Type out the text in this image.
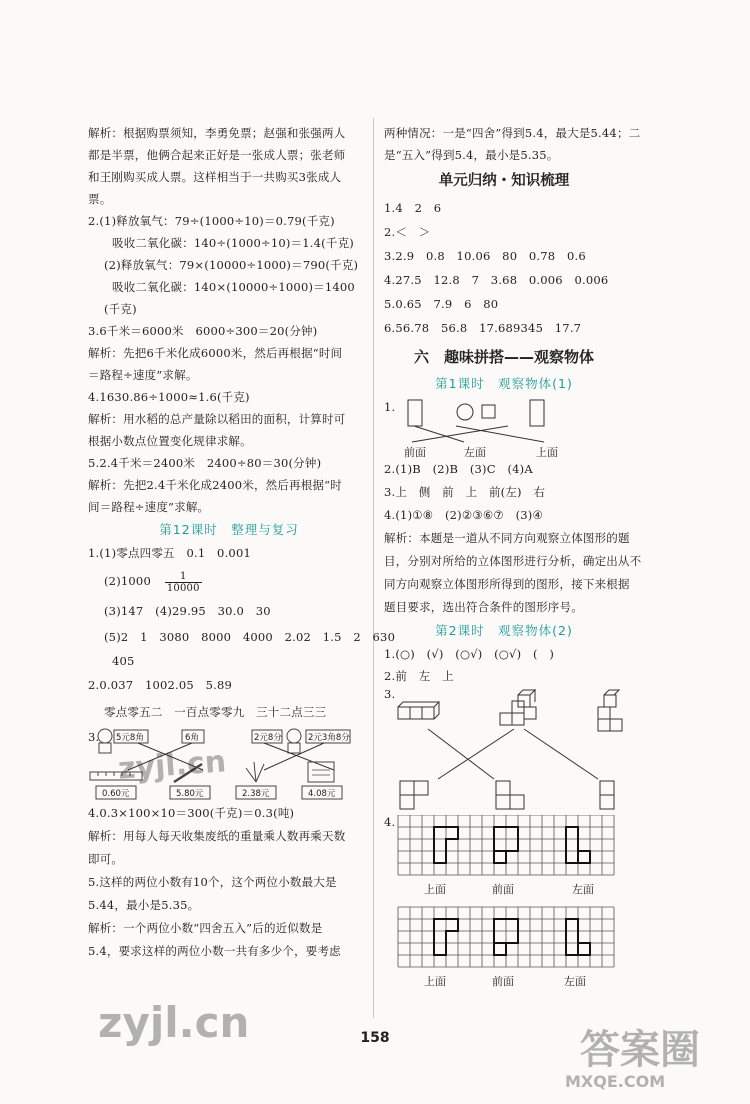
解析：根据购票须知，李勇免票；赵强和张强两人
都是半票，他俩合起来正好是一张成人票；张老师
和王刚购买成人票。这样相当于一共购买3张成人
票。
2.(1)释放氧气：79÷(1000÷10)＝0.79(千克)
吸收二氧化碳：140÷(1000÷10)＝1.4(千克)
(2)释放氧气：79×(10000÷1000)＝790(千克)
吸收二氧化碳：140×(10000÷1000)＝1400
(千克)
3.6千米＝6000米　6000÷300＝20(分钟)
解析：先把6千米化成6000米，然后再根据“时间
＝路程÷速度”求解。
4.1630.86÷1000≈1.6(千克)
解析：用水稻的总产量除以稻田的面积，计算时可
根据小数点位置变化规律求解。
5.2.4千米＝2400米　2400÷80＝30(分钟)
解析：先把2.4千米化成2400米，然后再根据“时
间＝路程÷速度”求解。
第12课时　整理与复习
1.(1)零点四零五　0.1　0.001
$(2)1000 \frac{1}{10000}$
(3)147　(4)29.95　30.0　30
(5)2　1　3080　8000　4000　2.02　1.5　2　630
405
2.0.037　1002.05　5.89
零点零五二　一百点零零九　三十二点三三
3. 5元8角	6角	2元8分	2元3角8分
0.60元	5.80元	2.38元	4.08元
4.0.3×100×10＝300(千克)＝0.3(吨)
解析：用每人每天收集废纸的重量乘人数再乘天数
即可。
5.这样的两位小数有10个，这个两位小数最大是
5.44，最小是5.35。
解析：一个两位小数“四舍五入”后的近似数是
5.4，要求这样的两位小数一共有多少个，要考虑
两种情况：一是“四舍”得到5.4，最大是5.44；二
是“五入”得到5.4，最小是5.35。
单元归纳・知识梳理
1.4　2　6
2.＜　＞
3.2.9　0.8　10.06　80　0.78　0.6
4.27.5　12.8　7　3.68　0.006　0.006
5.0.65　7.9　6　80
6.56.78　56.8　17.689345　17.7
六　趣味拼搭——观察物体
第1课时　观察物体(1)
1.
前面	左面	上面
2.(1)B　(2)B　(3)C　(4)A
3.上　侧　前　上　前(左)　右
4.(1)①⑧　(2)②③⑥⑦　(3)④
解析：本题是一道从不同方向观察立体图形的题
目，分别对所给的立体图形进行分析，确定出从不
同方向观察立体图形所得到的图形，接下来根据
题目要求，选出符合条件的图形序号。
第2课时　观察物体(2)
1.(○)　(√)　(○√)　(○√)　(　)
2.前　左　上
3.
4.
上面	前面	左面
上面	前面	左面
158
zyjl.cn
zyjl.cn
MXQE.COM
答案圈
